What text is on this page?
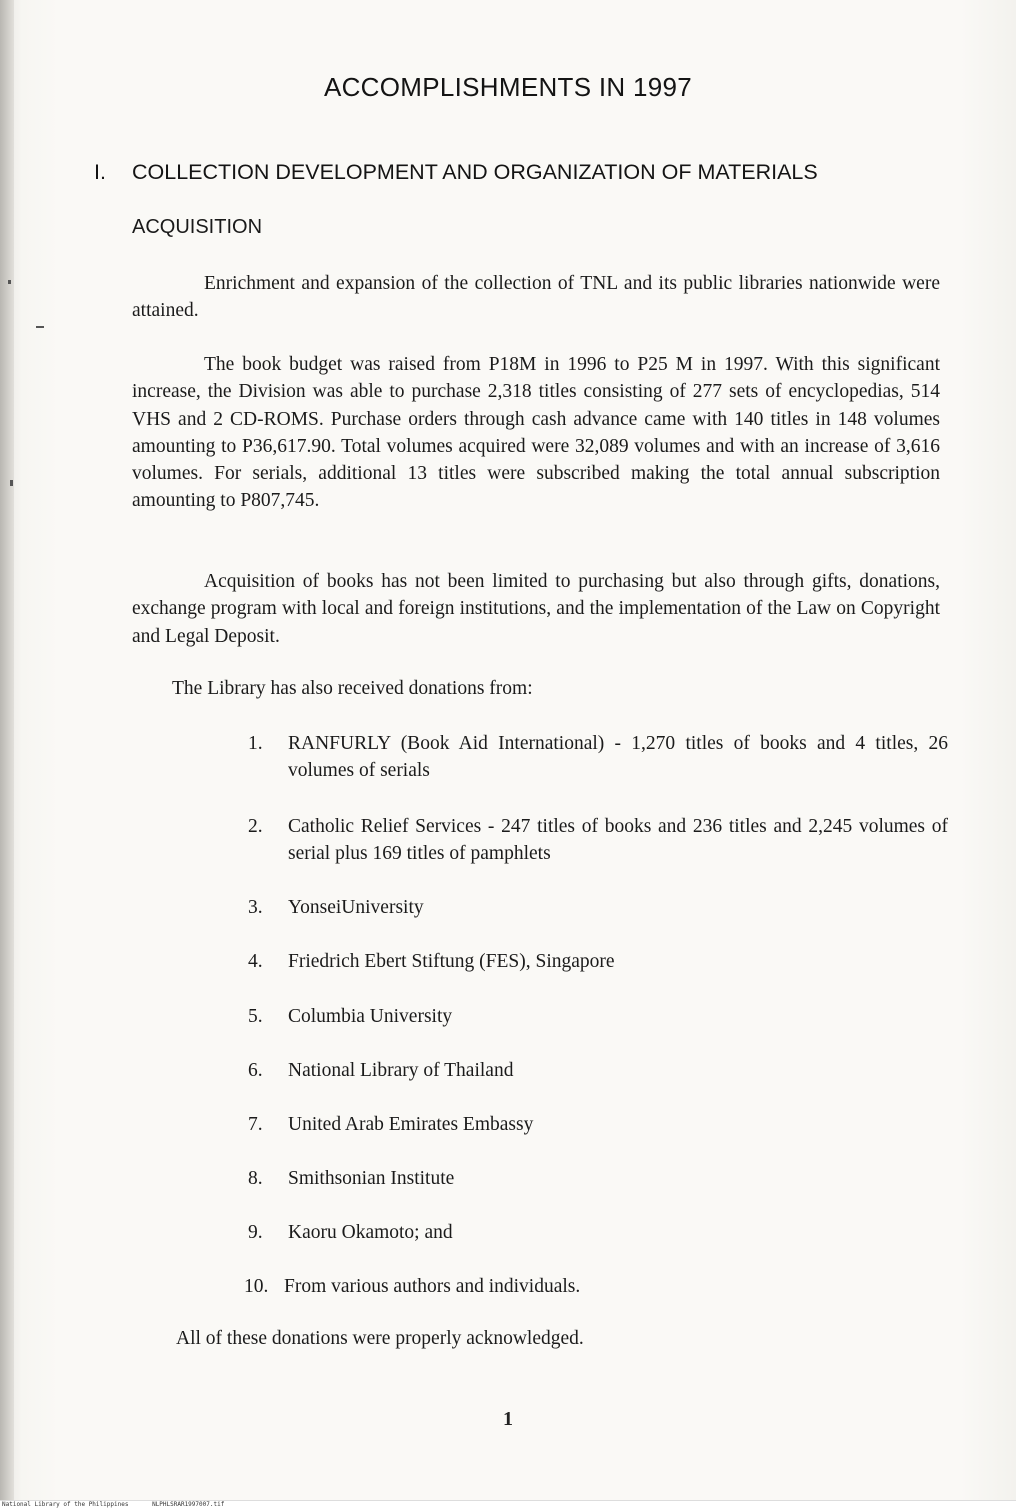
ACCOMPLISHMENTS IN 1997
I. COLLECTION DEVELOPMENT AND ORGANIZATION OF MATERIALS
ACQUISITION
Enrichment and expansion of the collection of TNL and its public libraries nationwide were attained.
The book budget was raised from P18M in 1996 to P25 M in 1997. With this significant increase, the Division was able to purchase 2,318 titles consisting of 277 sets of encyclopedias, 514 VHS and 2 CD-ROMS. Purchase orders through cash advance came with 140 titles in 148 volumes amounting to P36,617.90. Total volumes acquired were 32,089 volumes and with an increase of 3,616 volumes. For serials, additional 13 titles were subscribed making the total annual subscription amounting to P807,745.
Acquisition of books has not been limited to purchasing but also through gifts, donations, exchange program with local and foreign institutions, and the implementation of the Law on Copyright and Legal Deposit.
The Library has also received donations from:
1.	RANFURLY (Book Aid International) - 1,270 titles of books and 4 titles, 26 volumes of serials
2.	Catholic Relief Services - 247 titles of books and 236 titles and 2,245 volumes of serial plus 169 titles of pamphlets
3.	YonseiUniversity
4.	Friedrich Ebert Stiftung (FES), Singapore
5.	Columbia University
6.	National Library of Thailand
7.	United Arab Emirates Embassy
8.	Smithsonian Institute
9.	Kaoru Okamoto; and
10. From various authors and individuals.
All of these donations were properly acknowledged.
1
National Library of the Philippines	NLPHLSRAR1997007.tif
